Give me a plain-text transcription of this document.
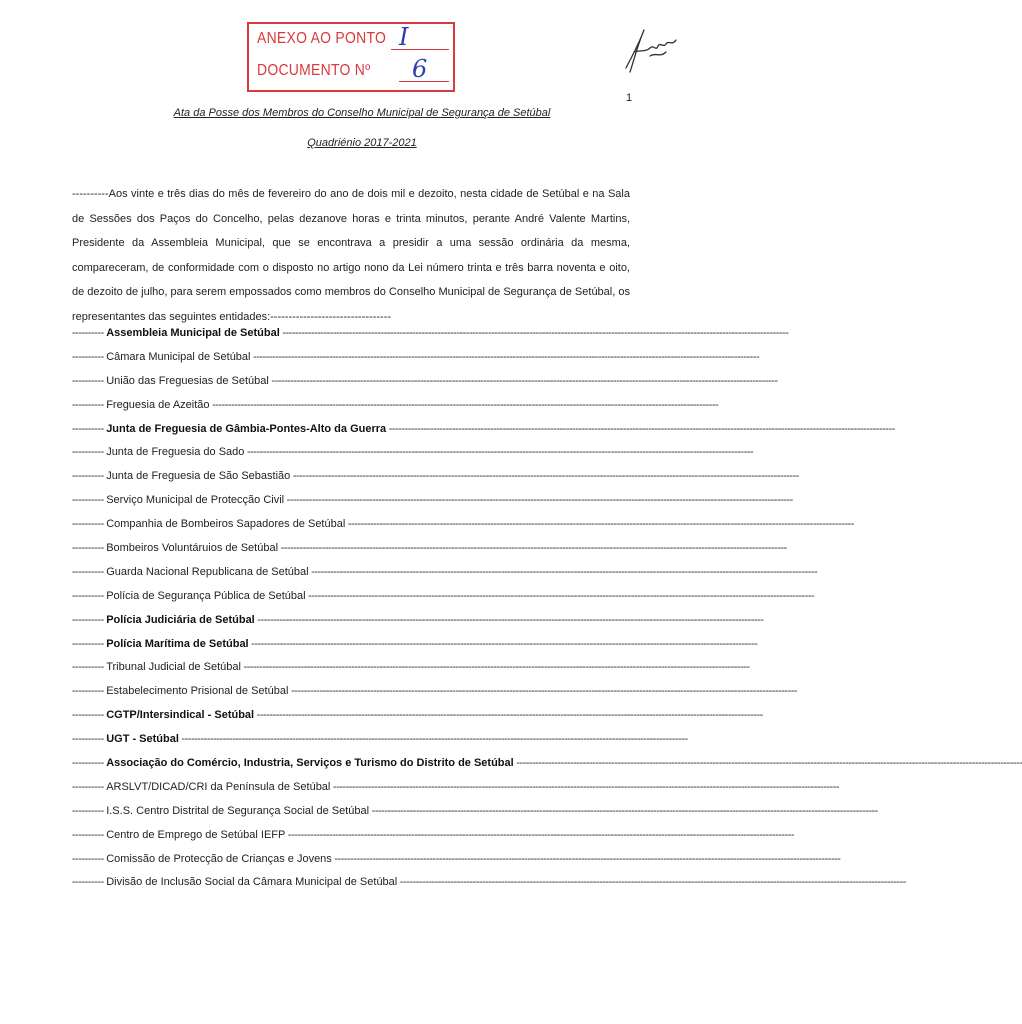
ANEXO AO PONTO I
DOCUMENTO Nº 6
1
Ata da Posse dos Membros do Conselho Municipal de Segurança de Setúbal
Quadriénio 2017-2021
----------Aos vinte e três dias do mês de fevereiro do ano de dois mil e dezoito, nesta cidade de Setúbal e na Sala de Sessões dos Paços do Concelho, pelas dezanove horas e trinta minutos, perante André Valente Martins, Presidente da Assembleia Municipal, que se encontrava a presidir a uma sessão ordinária da mesma, compareceram, de conformidade com o disposto no artigo nono da Lei número trinta e três barra noventa e oito, de dezoito de julho, para serem empossados como membros do Conselho Municipal de Segurança de Setúbal, os representantes das seguintes entidades:---------------------------------
---------- Assembleia Municipal de Setúbal ----------------------------------------------------------------------------------------------------------------------------------------------------------------
---------- Câmara Municipal de Setúbal ----------------------------------------------------------------------------------------------------------------------------------------------------------------
---------- União das Freguesias de Setúbal ----------------------------------------------------------------------------------------------------------------------------------------------------------------
---------- Freguesia de Azeitão ----------------------------------------------------------------------------------------------------------------------------------------------------------------
---------- Junta de Freguesia de Gâmbia-Pontes-Alto da Guerra ----------------------------------------------------------------------------------------------------------------------------------------------------------------
---------- Junta de Freguesia do Sado ----------------------------------------------------------------------------------------------------------------------------------------------------------------
---------- Junta de Freguesia de São Sebastião ----------------------------------------------------------------------------------------------------------------------------------------------------------------
---------- Serviço Municipal de Protecção Civil ----------------------------------------------------------------------------------------------------------------------------------------------------------------
---------- Companhia de Bombeiros Sapadores de Setúbal ----------------------------------------------------------------------------------------------------------------------------------------------------------------
---------- Bombeiros Voluntáruios de Setúbal ----------------------------------------------------------------------------------------------------------------------------------------------------------------
---------- Guarda Nacional Republicana de Setúbal ----------------------------------------------------------------------------------------------------------------------------------------------------------------
---------- Polícia de Segurança Pública de Setúbal ----------------------------------------------------------------------------------------------------------------------------------------------------------------
---------- Polícia Judiciária de Setúbal ----------------------------------------------------------------------------------------------------------------------------------------------------------------
---------- Polícia Marítima de Setúbal ----------------------------------------------------------------------------------------------------------------------------------------------------------------
---------- Tribunal Judicial de Setúbal ----------------------------------------------------------------------------------------------------------------------------------------------------------------
---------- Estabelecimento Prisional de Setúbal ----------------------------------------------------------------------------------------------------------------------------------------------------------------
---------- CGTP/Intersindical - Setúbal ----------------------------------------------------------------------------------------------------------------------------------------------------------------
---------- UGT - Setúbal ----------------------------------------------------------------------------------------------------------------------------------------------------------------
---------- Associação do Comércio, Industria, Serviços e Turismo do Distrito de Setúbal ----------------------------------------------------------------------------------------------------------------------------------------------------------------
---------- ARSLVT/DICAD/CRI da Península de Setúbal ----------------------------------------------------------------------------------------------------------------------------------------------------------------
---------- I.S.S. Centro Distrital de Segurança Social de Setúbal ----------------------------------------------------------------------------------------------------------------------------------------------------------------
---------- Centro de Emprego de Setúbal IEFP ----------------------------------------------------------------------------------------------------------------------------------------------------------------
---------- Comissão de Protecção de Crianças e Jovens ----------------------------------------------------------------------------------------------------------------------------------------------------------------
---------- Divisão de Inclusão Social da Câmara Municipal de Setúbal ----------------------------------------------------------------------------------------------------------------------------------------------------------------
